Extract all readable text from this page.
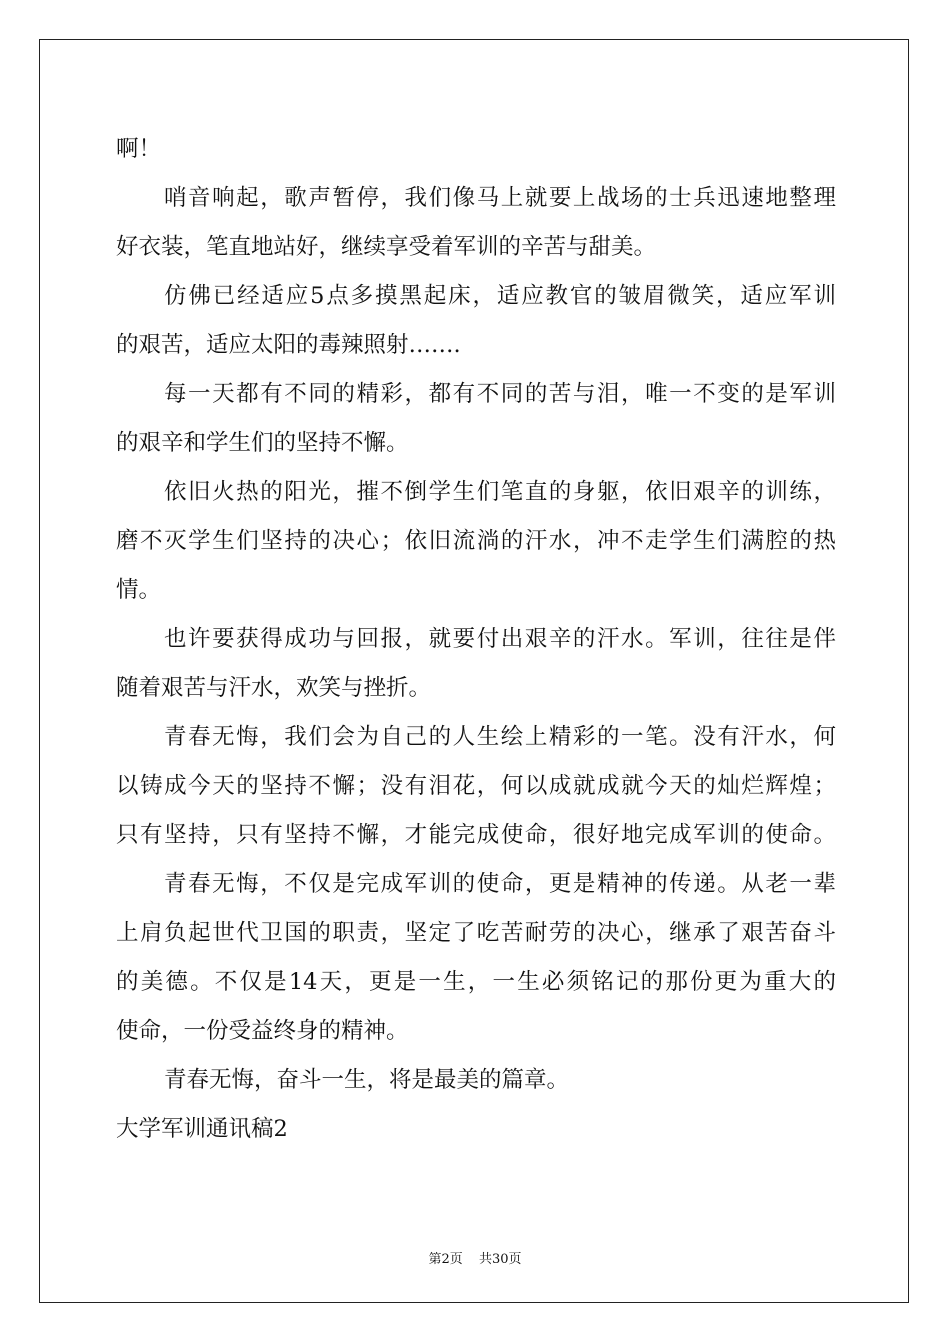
啊！
哨音响起，歌声暂停，我们像马上就要上战场的士兵迅速地整理
好衣装，笔直地站好，继续享受着军训的辛苦与甜美。
仿佛已经适应5点多摸黑起床，适应教官的皱眉微笑，适应军训
的艰苦，适应太阳的毒辣照射…….
每一天都有不同的精彩，都有不同的苦与泪，唯一不变的是军训
的艰辛和学生们的坚持不懈。
依旧火热的阳光，摧不倒学生们笔直的身躯，依旧艰辛的训练，
磨不灭学生们坚持的决心；依旧流淌的汗水，冲不走学生们满腔的热
情。
也许要获得成功与回报，就要付出艰辛的汗水。军训，往往是伴
随着艰苦与汗水，欢笑与挫折。
青春无悔，我们会为自己的人生绘上精彩的一笔。没有汗水，何
以铸成今天的坚持不懈；没有泪花，何以成就成就今天的灿烂辉煌；
只有坚持，只有坚持不懈，才能完成使命，很好地完成军训的使命。
青春无悔，不仅是完成军训的使命，更是精神的传递。从老一辈
上肩负起世代卫国的职责，坚定了吃苦耐劳的决心，继承了艰苦奋斗
的美德。不仅是14天，更是一生，一生必须铭记的那份更为重大的
使命，一份受益终身的精神。
青春无悔，奋斗一生，将是最美的篇章。
大学军训通讯稿2
第2页 共30页
